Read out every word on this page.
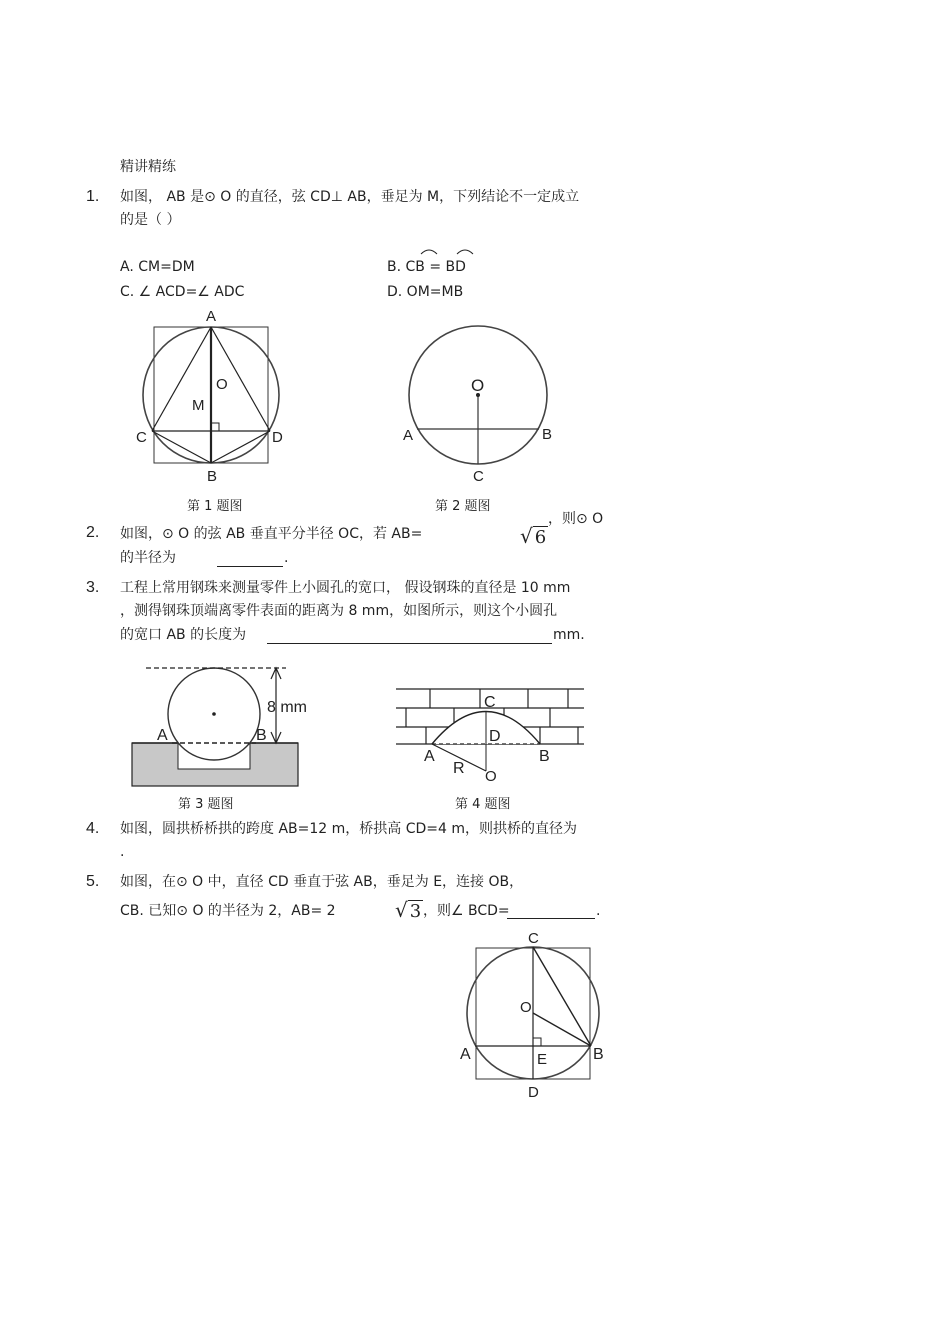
精讲精练
1. 如图， AB 是⊙ O 的直径，弦 CD⊥ AB，垂足为 M，下列结论不一定成立
的是（ ）
A. CM=DM	B. CB = BD
C. ∠ ACD=∠ ADC	D. OM=MB
A
O
M
C	D
B
第 1 题图
O
A	B
C
第 2 题图
2. 如图，⊙ O 的弦 AB 垂直平分半径 OC，若 AB=	√ 6
，则⊙ O
的半径为	.
3. 工程上常用钢珠来测量零件上小圆孔的宽口， 假设钢珠的直径是 10 mm
，测得钢珠顶端离零件表面的距离为 8 mm，如图所示，则这个小圆孔
的宽口 AB 的长度为	mm.
A	B
8 mm
第 3 题图
C
D
A	B
R O
第 4 题图
4. 如图，圆拱桥桥拱的跨度 AB=12 m，桥拱高 CD=4 m，则拱桥的直径为
.
5. 如图，在⊙ O 中，直径 CD 垂直于弦 AB，垂足为 E，连接 OB，
CB. 已知⊙ O 的半径为 2，AB= 2	√ 3 ，则∠ BCD=	.
C
O
A	B
E
D
